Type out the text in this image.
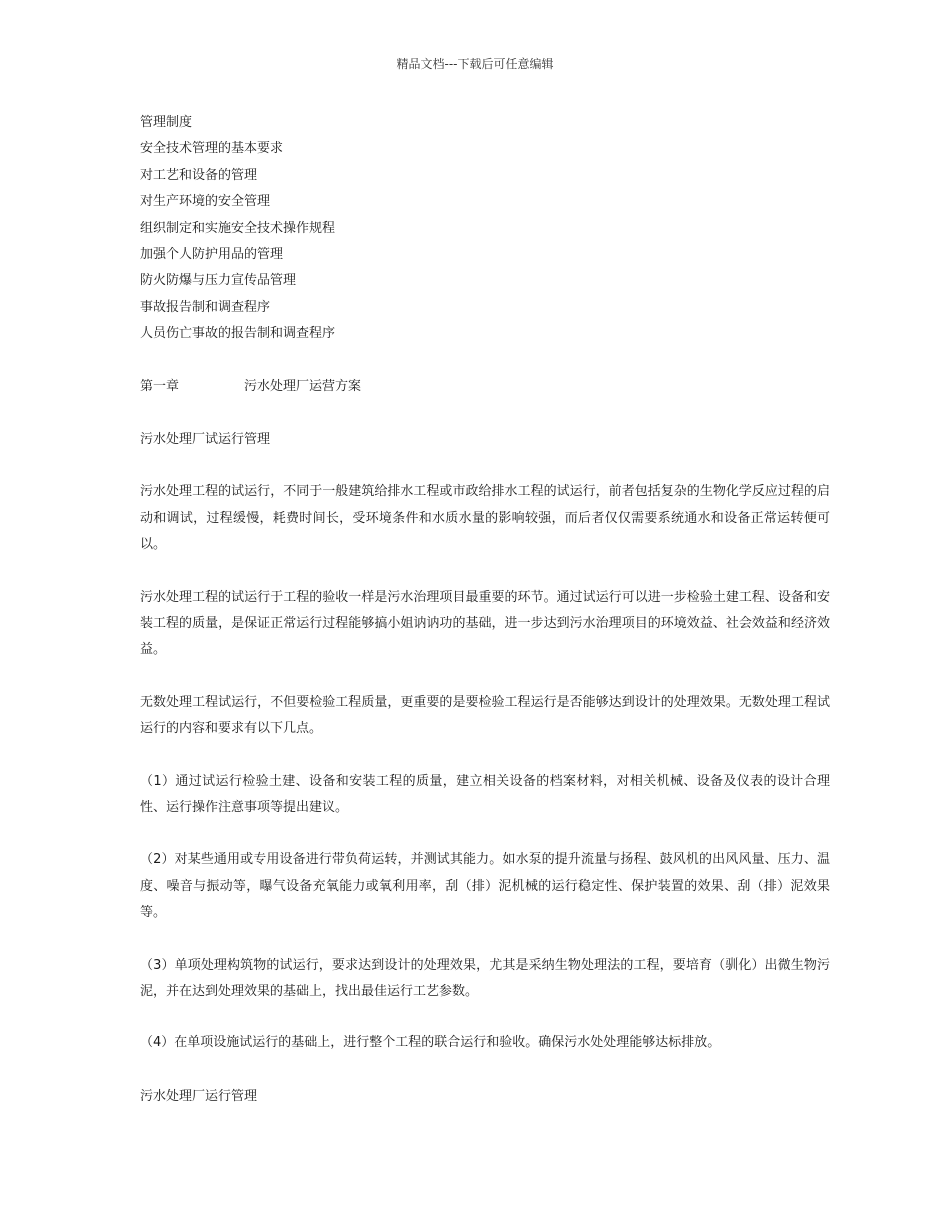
精品文档---下载后可任意编辑
管理制度
安全技术管理的基本要求
对工艺和设备的管理
对生产环境的安全管理
组织制定和实施安全技术操作规程
加强个人防护用品的管理
防火防爆与压力宣传品管理
事故报告制和调查程序
人员伤亡事故的报告制和调查程序
第一章	污水处理厂运营方案
污水处理厂试运行管理
污水处理工程的试运行，不同于一般建筑给排水工程或市政给排水工程的试运行，前者包括复杂的生物化学反应过程的启动和调试，过程缓慢，耗费时间长，受环境条件和水质水量的影响较强，而后者仅仅需要系统通水和设备正常运转便可以。
污水处理工程的试运行于工程的验收一样是污水治理项目最重要的环节。通过试运行可以进一步检验土建工程、设备和安装工程的质量，是保证正常运行过程能够搞小姐讷讷功的基础，进一步达到污水治理项目的环境效益、社会效益和经济效益。
无数处理工程试运行，不但要检验工程质量，更重要的是要检验工程运行是否能够达到设计的处理效果。无数处理工程试运行的内容和要求有以下几点。
（1）通过试运行检验土建、设备和安装工程的质量，建立相关设备的档案材料，对相关机械、设备及仪表的设计合理性、运行操作注意事项等提出建议。
（2）对某些通用或专用设备进行带负荷运转，并测试其能力。如水泵的提升流量与扬程、鼓风机的出风风量、压力、温度、噪音与振动等，曝气设备充氧能力或氧利用率，刮（排）泥机械的运行稳定性、保护装置的效果、刮（排）泥效果等。
（3）单项处理构筑物的试运行，要求达到设计的处理效果，尤其是采纳生物处理法的工程，要培育（驯化）出微生物污泥，并在达到处理效果的基础上，找出最佳运行工艺参数。
（4）在单项设施试运行的基础上，进行整个工程的联合运行和验收。确保污水处处理能够达标排放。
污水处理厂运行管理
